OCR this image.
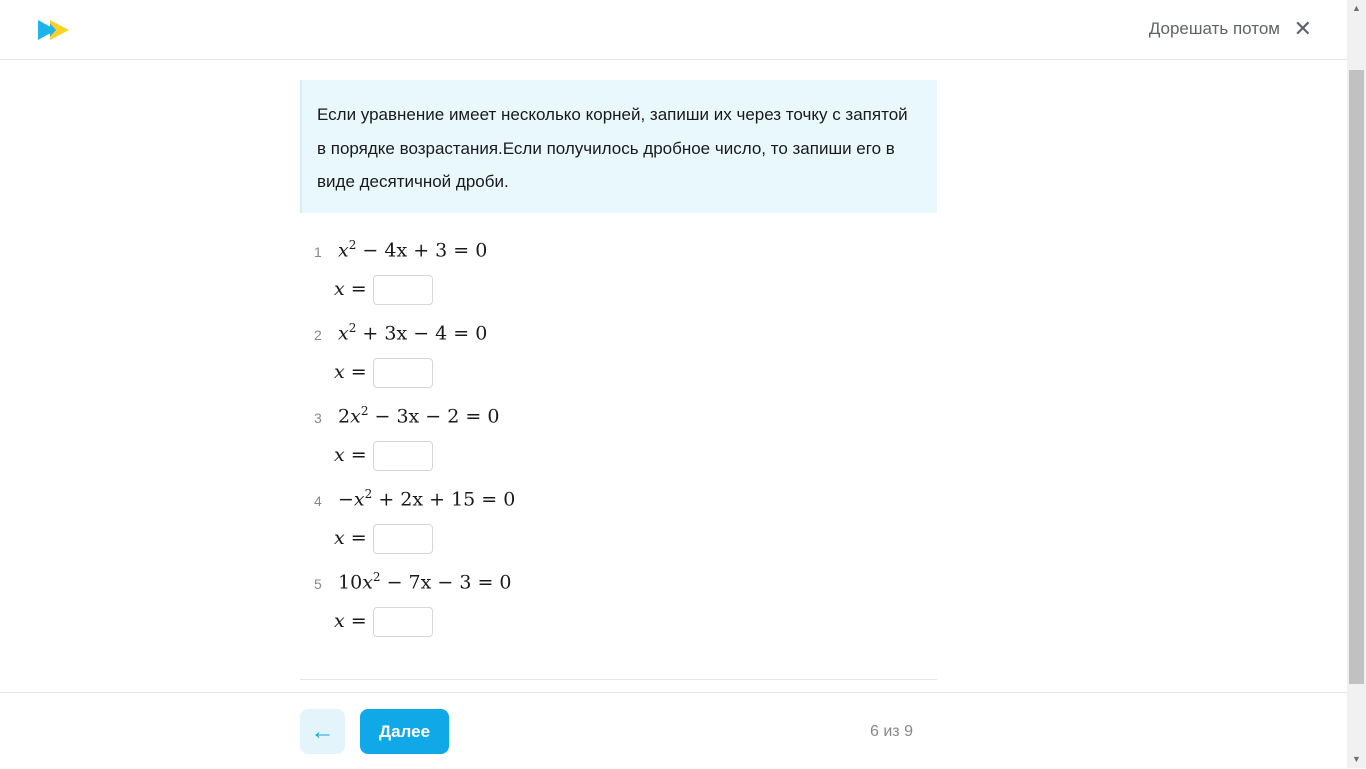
Дорешать потом ✕
Если уравнение имеет несколько корней, запиши их через точку с запятой в порядке возрастания.Если получилось дробное число, то запиши его в виде десятичной дроби.
1 $x^2 - 4x + 3 = 0$
x =
2 $x^2 + 3x - 4 = 0$
x =
3 $2x^2 - 3x - 2 = 0$
x =
$4 -x^2 + 2x + 15 = 0$
x =
5 $10x^2 - 7x - 3 = 0$
x =
←	Далее	6 из 9
▲
▼
